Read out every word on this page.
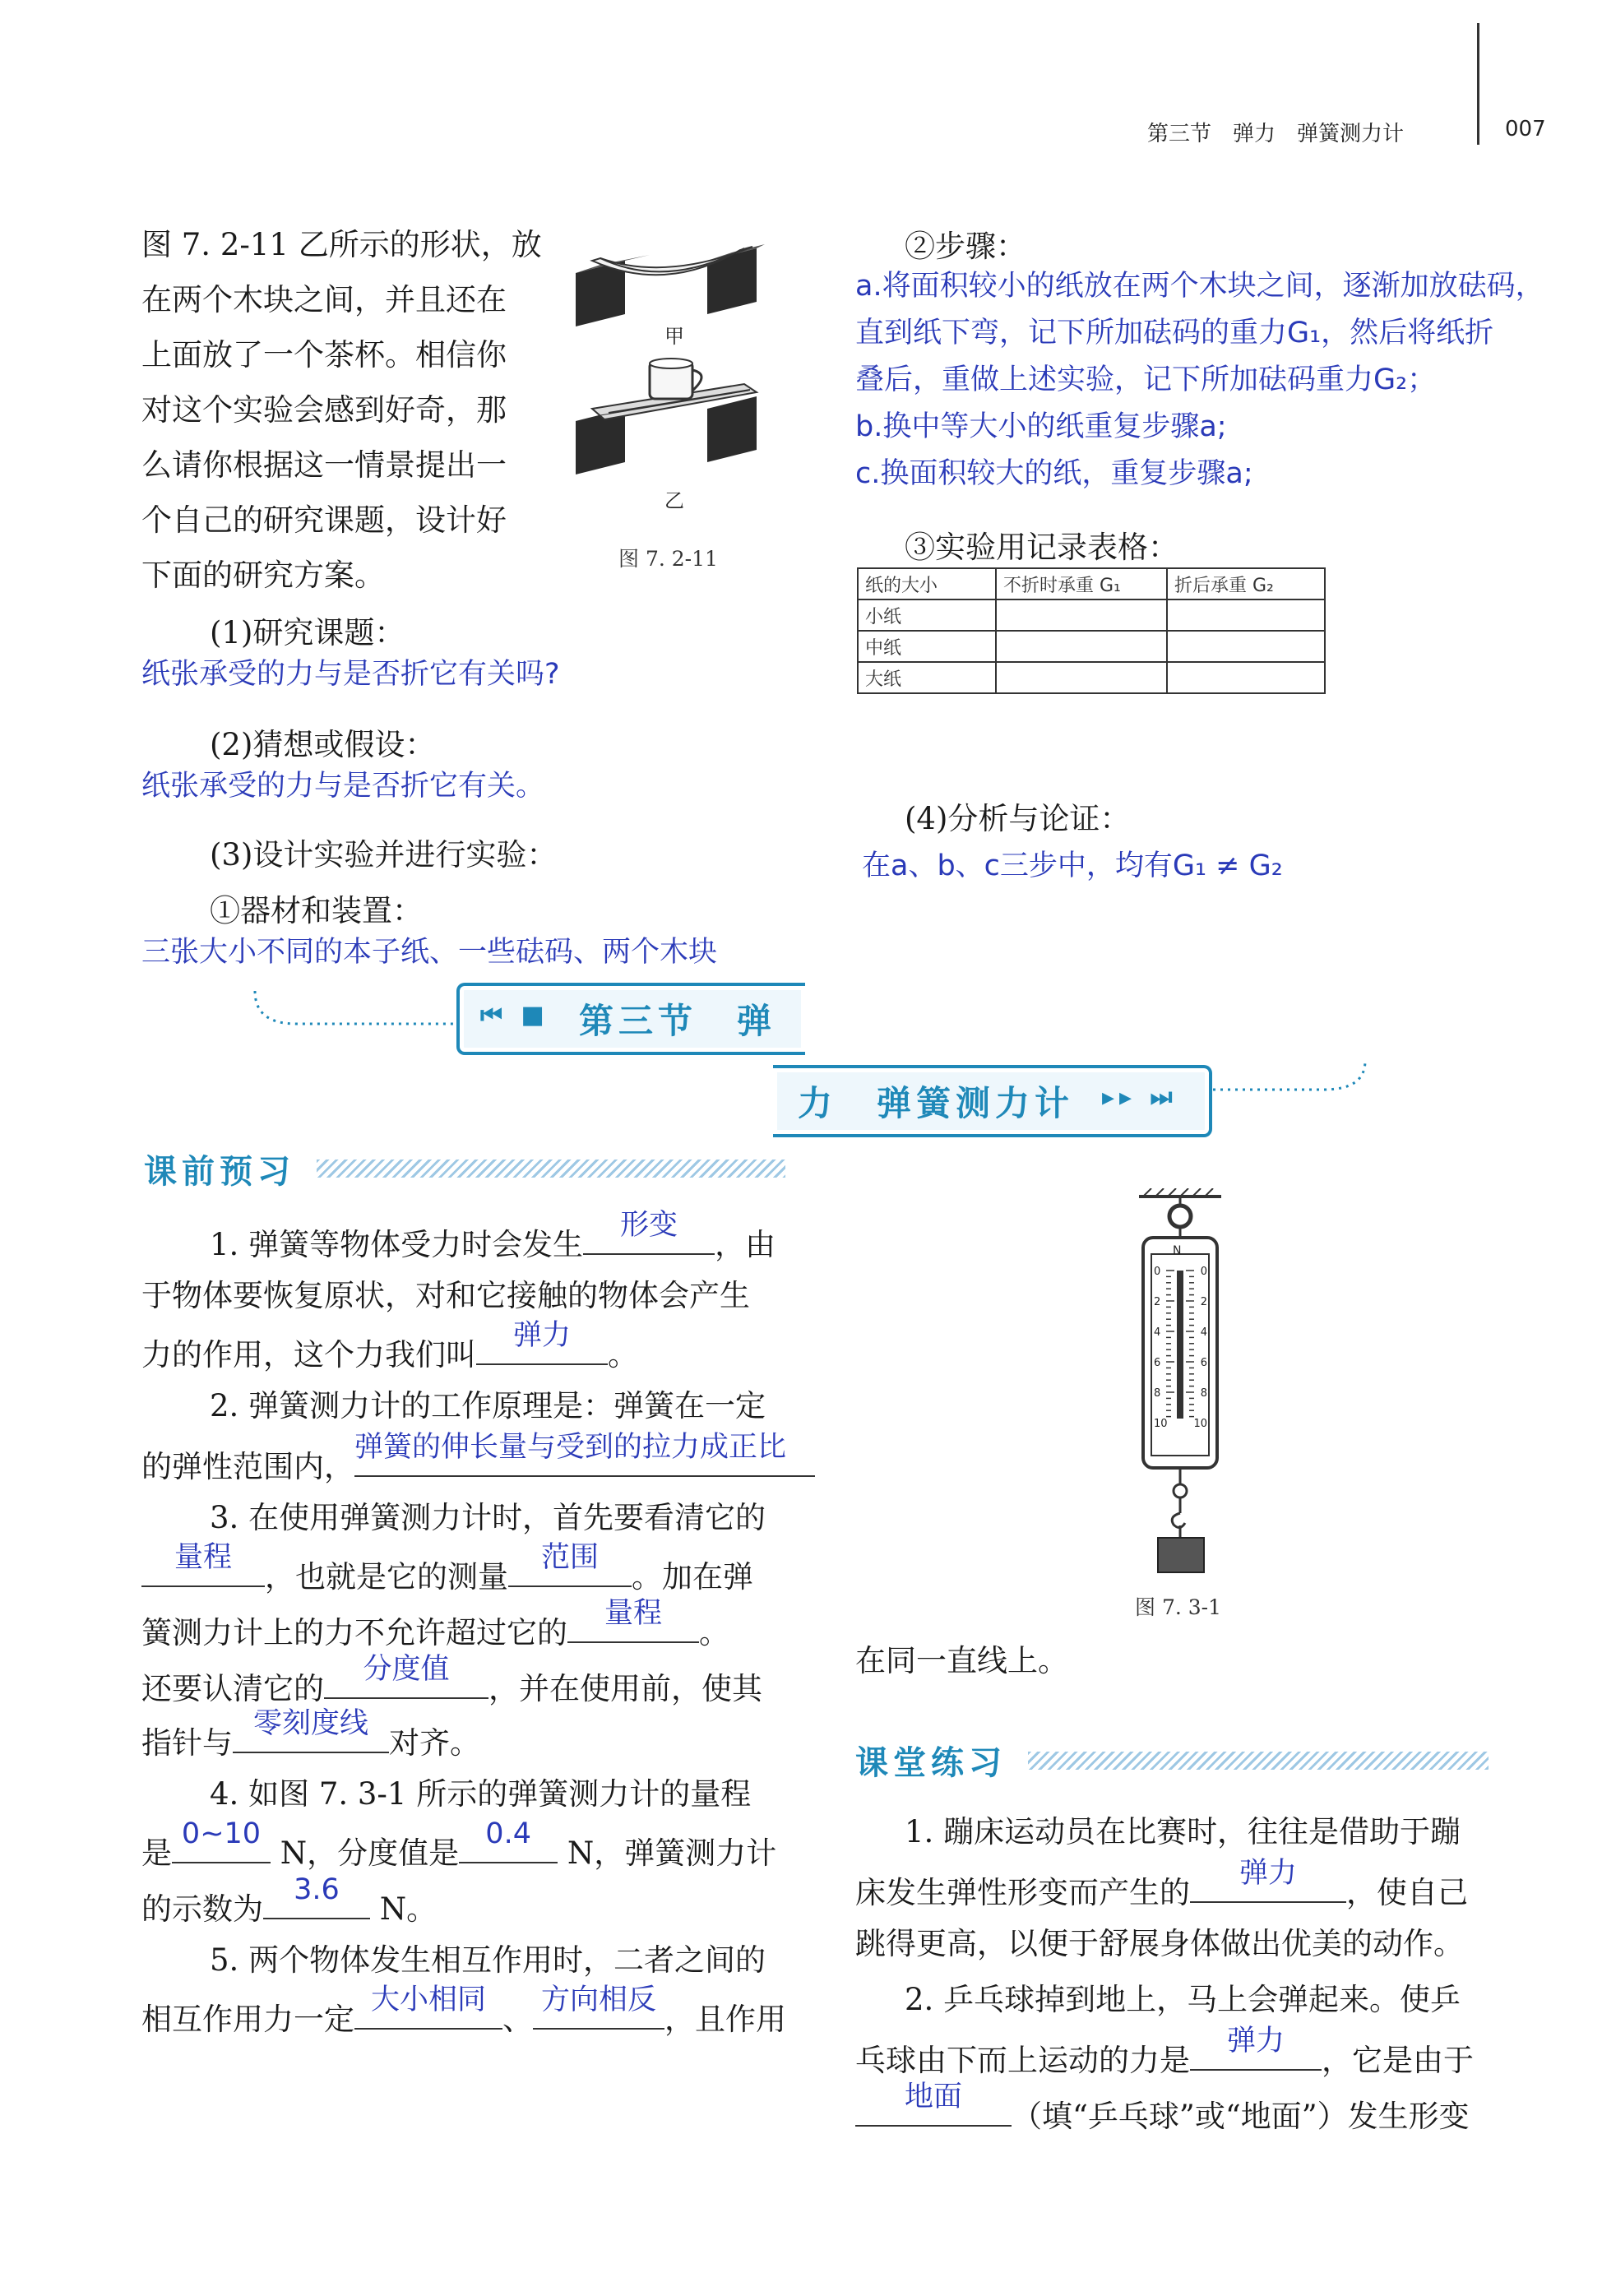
第三节　弹力　弹簧测力计	007
图 7. 2-11 乙所示的形状，放
在两个木块之间，并且还在
上面放了一个茶杯。相信你
对这个实验会感到好奇，那
么请你根据这一情景提出一
个自己的研究课题，设计好
下面的研究方案。
甲
乙
图 7. 2-11
(1)研究课题：
纸张承受的力与是否折它有关吗?
(2)猜想或假设：
纸张承受的力与是否折它有关。
(3)设计实验并进行实验：
①器材和装置：
三张大小不同的本子纸、一些砝码、两个木块
②步骤：
a.将面积较小的纸放在两个木块之间，逐渐加放砝码，
直到纸下弯，记下所加砝码的重力G₁，然后将纸折
叠后，重做上述实验，记下所加砝码重力G₂；
b.换中等大小的纸重复步骤a;
c.换面积较大的纸，重复步骤a;
③实验用记录表格：
纸的大小	不折时承重 G₁	折后承重 G₂
小纸		
中纸		
大纸		
(4)分析与论证：
在a、b、c三步中，均有G₁ ≠ G₂
⏮ ■ 第三节　弹
力　弹簧测力计 ▸▸ ⏭
课前预习
1. 弹簧等物体受力时会发生
形变
，由
于物体要恢复原状，对和它接触的物体会产生
力的作用，这个力我们叫
弹力
。
2. 弹簧测力计的工作原理是：弹簧在一定
的弹性范围内，
弹簧的伸长量与受到的拉力成正比
3. 在使用弹簧测力计时，首先要看清它的
量程
，也就是它的测量
范围
。加在弹
簧测力计上的力不允许超过它的
量程
。
还要认清它的
分度值
，并在使用前，使其
指针与
零刻度线
对齐。
4. 如图 7. 3-1 所示的弹簧测力计的量程
是
0~10
N，分度值是
0.4
N，弹簧测力计
的示数为
3.6
N。
5. 两个物体发生相互作用时，二者之间的
相互作用力一定
大小相同
、
方向相反
，且作用
N
0	0
2	2
4	4
6	6
8	8
10 10
图 7. 3-1
在同一直线上。
课堂练习
1. 蹦床运动员在比赛时，往往是借助于蹦
床发生弹性形变而产生的
弹力
，使自己
跳得更高，以便于舒展身体做出优美的动作。
2. 乒乓球掉到地上，马上会弹起来。使乒
乓球由下而上运动的力是
弹力
，它是由于
地面
（填“乒乓球”或“地面”）发生形变
